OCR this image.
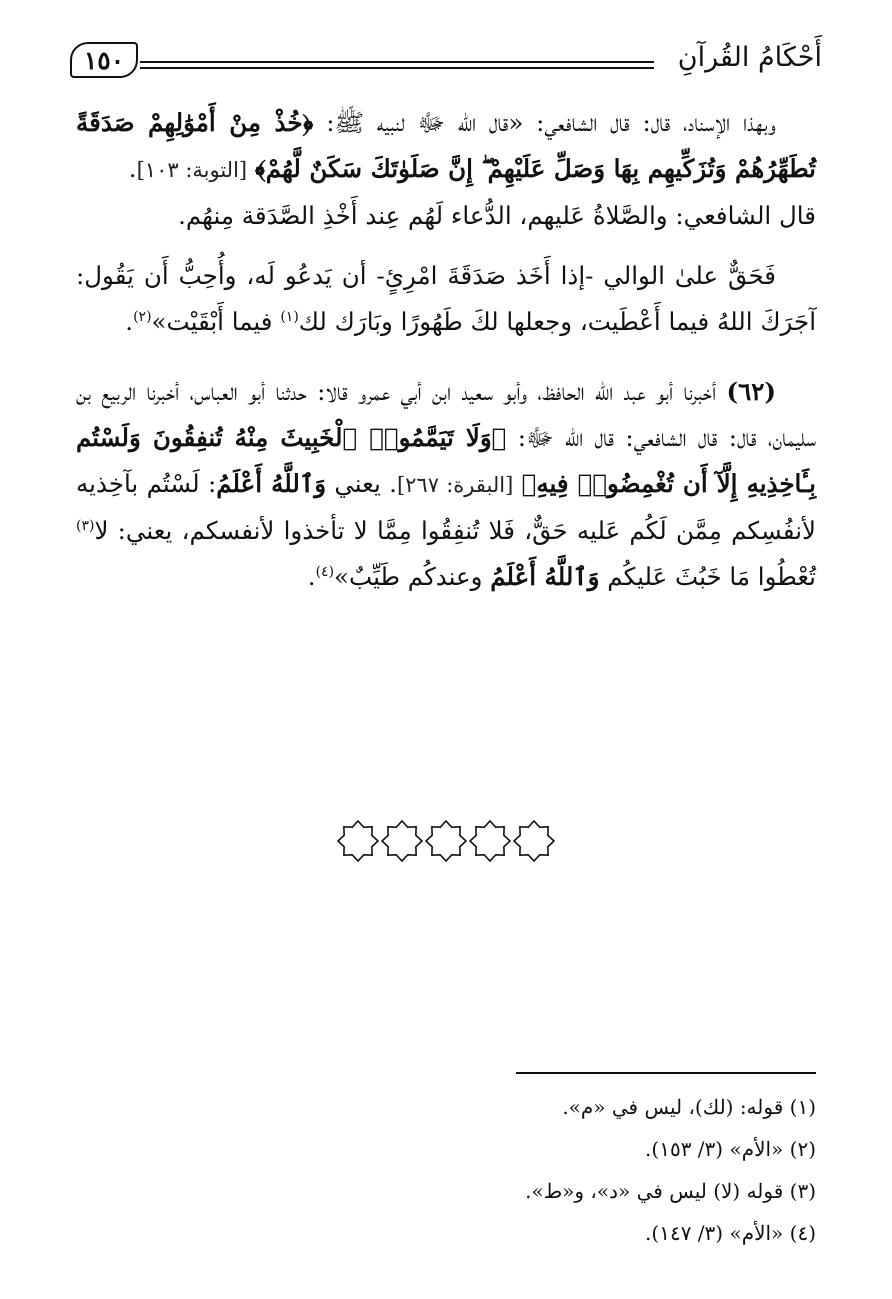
أَحْكَامُ القُرآنِ
١٥٠

وبهذا الإسناد، قال: قال الشافعي: «قال الله ﷻ لنبيه ﷺ: ﴿خُذْ مِنْ أَمْوَٰلِهِمْ صَدَقَةً تُطَهِّرُهُمْ وَتُزَكِّيهِم بِهَا وَصَلِّ عَلَيْهِمْ ۖ إِنَّ صَلَوٰتَكَ سَكَنٌ لَّهُمْ﴾ [التوبة: ١٠٣].

قال الشافعي: والصَّلاةُ عَليهم، الدُّعاء لَهُم عِند أَخْذِ الصَّدَقة مِنهُم.

فَحَقٌّ علىٰ الوالي -إذا أَخَذ صَدَقَةَ امْرِئٍ- أن يَدعُو لَه، وأُحِبُّ أَن يَقُول: آجَرَكَ اللهُ فيما أَعْطَيت، وجعلها لكَ طَهُورًا وبَارَك لك$^{(١)}$ فيما أَبْقَيْت»$^{(٢)}$.

(٦٢) أخبرنا أبو عبد الله الحافظ، وأبو سعيد ابن أبي عمرو قالا: حدثنا أبو العباس، أخبرنا الربيع بن سليمان، قال: قال الشافعي: قال الله ﷻ: ﴿وَلَا تَيَمَّمُوا۟ ٱلْخَبِيثَ مِنْهُ تُنفِقُونَ وَلَسْتُم بِـَٔاخِذِيهِ إِلَّآ أَن تُغْمِضُوا۟ فِيهِ﴾ [البقرة: ٢٦٧]. يعني وَٱللَّهُ أَعْلَمُ: لَسْتُم بآخِذيه لأنفُسِكم مِمَّن لَكُم عَليه حَقٌّ، فَلا تُنفِقُوا مِمَّا لا تأخذوا لأنفسكم، يعني: لا$^{(٣)}$ تُعْطُوا مَا خَبُثَ عَليكُم وَٱللَّهُ أَعْلَمُ وعندكُم طَيِّبٌ»$^{(٤)}$.

(١) قوله: (لك)، ليس في «م».

(٢) «الأم» (٣/ ١٥٣).

(٣) قوله (لا) ليس في «د»، و«ط».

(٤) «الأم» (٣/ ١٤٧).
